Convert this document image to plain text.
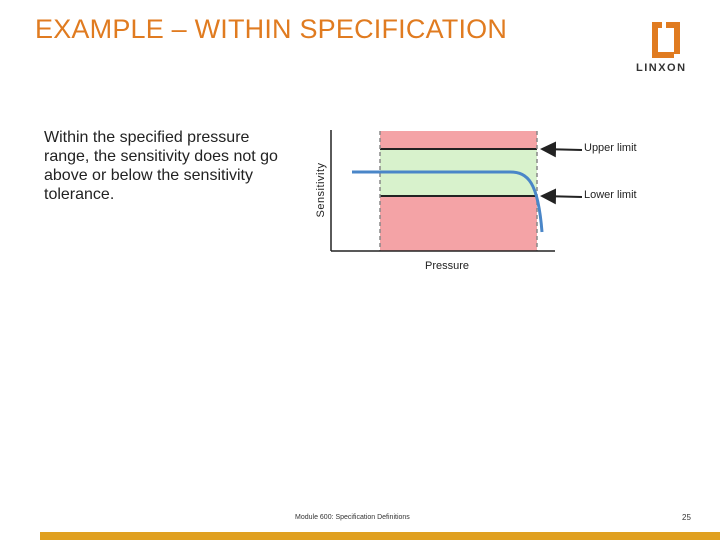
EXAMPLE – WITHIN SPECIFICATION
LINXON
Within the specified pressure range, the sensitivity does not go above or below the sensitivity tolerance.
Upper limit
Lower limit
Sensitivity
Pressure
Module 600: Specification Definitions	25
